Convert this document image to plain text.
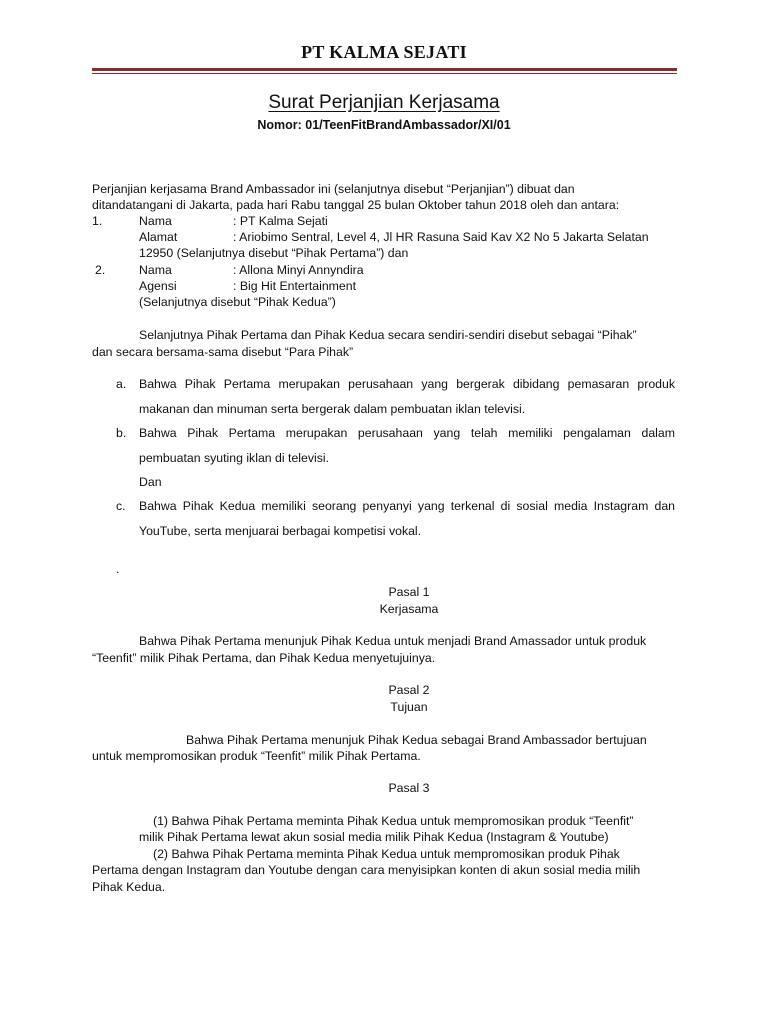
PT KALMA SEJATI
Surat Perjanjian Kerjasama
Nomor: 01/TeenFitBrandAmbassador/XI/01
Perjanjian kerjasama Brand Ambassador ini (selanjutnya disebut “Perjanjian”) dibuat dan
ditandatangani di Jakarta, pada hari Rabu tanggal 25 bulan Oktober tahun 2018 oleh dan antara:
1.	Nama	: PT Kalma Sejati
Alamat	: Ariobimo Sentral, Level 4, Jl HR Rasuna Said Kav X2 No 5 Jakarta Selatan
12950 (Selanjutnya disebut “Pihak Pertama”) dan
2.	Nama	: Allona Minyi Annyndira
Agensi	: Big Hit Entertainment
(Selanjutnya disebut “Pihak Kedua”)
Selanjutnya Pihak Pertama dan Pihak Kedua secara sendiri-sendiri disebut sebagai “Pihak”
dan secara bersama-sama disebut “Para Pihak”
a. Bahwa Pihak Pertama merupakan perusahaan yang bergerak dibidang pemasaran produk
makanan dan minuman serta bergerak dalam pembuatan iklan televisi.
b. Bahwa Pihak Pertama merupakan perusahaan yang telah memiliki pengalaman dalam
pembuatan syuting iklan di televisi.
Dan
c. Bahwa Pihak Kedua memiliki seorang penyanyi yang terkenal di sosial media Instagram dan
YouTube, serta menjuarai berbagai kompetisi vokal.
.
Pasal 1
Kerjasama
Bahwa Pihak Pertama menunjuk Pihak Kedua untuk menjadi Brand Amassador untuk produk
“Teenfit” milik Pihak Pertama, dan Pihak Kedua menyetujuinya.
Pasal 2
Tujuan
Bahwa Pihak Pertama menunjuk Pihak Kedua sebagai Brand Ambassador bertujuan
untuk mempromosikan produk “Teenfit” milik Pihak Pertama.
Pasal 3
(1) Bahwa Pihak Pertama meminta Pihak Kedua untuk mempromosikan produk “Teenfit”
milik Pihak Pertama lewat akun sosial media milik Pihak Kedua (Instagram & Youtube)
(2) Bahwa Pihak Pertama meminta Pihak Kedua untuk mempromosikan produk Pihak
Pertama dengan Instagram dan Youtube dengan cara menyisipkan konten di akun sosial media milih
Pihak Kedua.
